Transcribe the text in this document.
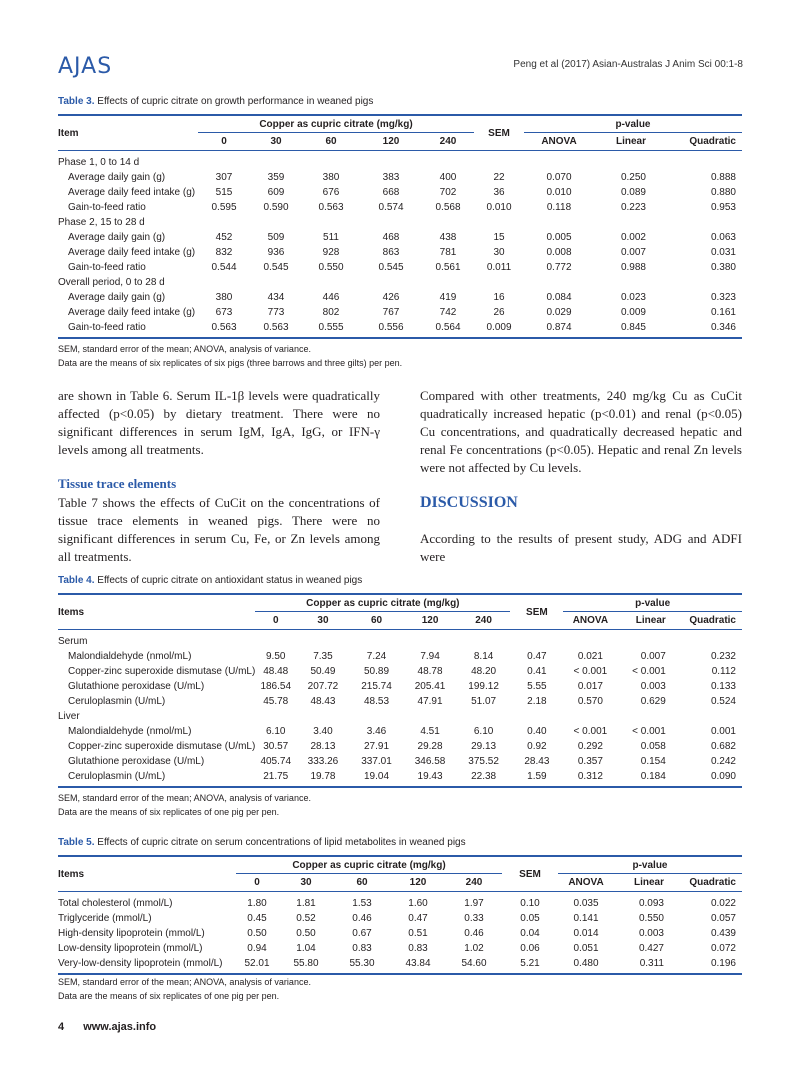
AJAS	Peng et al (2017) Asian-Australas J Anim Sci 00:1-8
Table 3. Effects of cupric citrate on growth performance in weaned pigs
Item	Copper as cupric citrate (mg/kg)					SEM	p-value		
	0	30	60	120	240		ANOVA	Linear	Quadratic
Phase 1, 0 to 14 d									
Average daily gain (g)	307	359	380	383	400	22	0.070	0.250	0.888
Average daily feed intake (g)	515	609	676	668	702	36	0.010	0.089	0.880
Gain-to-feed ratio	0.595	0.590	0.563	0.574	0.568	0.010	0.118	0.223	0.953
Phase 2, 15 to 28 d									
Average daily gain (g)	452	509	511	468	438	15	0.005	0.002	0.063
Average daily feed intake (g)	832	936	928	863	781	30	0.008	0.007	0.031
Gain-to-feed ratio	0.544	0.545	0.550	0.545	0.561	0.011	0.772	0.988	0.380
Overall period, 0 to 28 d									
Average daily gain (g)	380	434	446	426	419	16	0.084	0.023	0.323
Average daily feed intake (g)	673	773	802	767	742	26	0.029	0.009	0.161
Gain-to-feed ratio	0.563	0.563	0.555	0.556	0.564	0.009	0.874	0.845	0.346
SEM, standard error of the mean; ANOVA, analysis of variance.
Data are the means of six replicates of six pigs (three barrows and three gilts) per pen.
are shown in Table 6. Serum IL-1β levels were quadratically affected (p<0.05) by dietary treatment. There were no significant differences in serum IgM, IgA, IgG, or IFN-γ levels among all treatments.
Tissue trace elements
Table 7 shows the effects of CuCit on the concentrations of tissue trace elements in weaned pigs. There were no significant differences in serum Cu, Fe, or Zn levels among all treatments.
Compared with other treatments, 240 mg/kg Cu as CuCit quadratically increased hepatic (p<0.01) and renal (p<0.05) Cu concentrations, and quadratically decreased hepatic and renal Fe concentrations (p<0.05). Hepatic and renal Zn levels were not affected by Cu levels.
DISCUSSION
According to the results of present study, ADG and ADFI were
Table 4. Effects of cupric citrate on antioxidant status in weaned pigs
Items	Copper as cupric citrate (mg/kg)					SEM	p-value		
	0	30	60	120	240		ANOVA	Linear	Quadratic
Serum									
Malondialdehyde (nmol/mL)	9.50	7.35	7.24	7.94	8.14	0.47	0.021	0.007	0.232
Copper-zinc superoxide dismutase (U/mL)	48.48	50.49	50.89	48.78	48.20	0.41	< 0.001	< 0.001	0.112
Glutathione peroxidase (U/mL)	186.54	207.72	215.74	205.41	199.12	5.55	0.017	0.003	0.133
Ceruloplasmin (U/mL)	45.78	48.43	48.53	47.91	51.07	2.18	0.570	0.629	0.524
Liver									
Malondialdehyde (nmol/mL)	6.10	3.40	3.46	4.51	6.10	0.40	< 0.001	< 0.001	0.001
Copper-zinc superoxide dismutase (U/mL)	30.57	28.13	27.91	29.28	29.13	0.92	0.292	0.058	0.682
Glutathione peroxidase (U/mL)	405.74	333.26	337.01	346.58	375.52	28.43	0.357	0.154	0.242
Ceruloplasmin (U/mL)	21.75	19.78	19.04	19.43	22.38	1.59	0.312	0.184	0.090
SEM, standard error of the mean; ANOVA, analysis of variance.
Data are the means of six replicates of one pig per pen.
Table 5. Effects of cupric citrate on serum concentrations of lipid metabolites in weaned pigs
Items	Copper as cupric citrate (mg/kg)					SEM	p-value		
	0	30	60	120	240		ANOVA	Linear	Quadratic
Total cholesterol (mmol/L)	1.80	1.81	1.53	1.60	1.97	0.10	0.035	0.093	0.022
Triglyceride (mmol/L)	0.45	0.52	0.46	0.47	0.33	0.05	0.141	0.550	0.057
High-density lipoprotein (mmol/L)	0.50	0.50	0.67	0.51	0.46	0.04	0.014	0.003	0.439
Low-density lipoprotein (mmol/L)	0.94	1.04	0.83	0.83	1.02	0.06	0.051	0.427	0.072
Very-low-density lipoprotein (mmol/L)	52.01	55.80	55.30	43.84	54.60	5.21	0.480	0.311	0.196
SEM, standard error of the mean; ANOVA, analysis of variance.
Data are the means of six replicates of one pig per pen.
4 www.ajas.info
